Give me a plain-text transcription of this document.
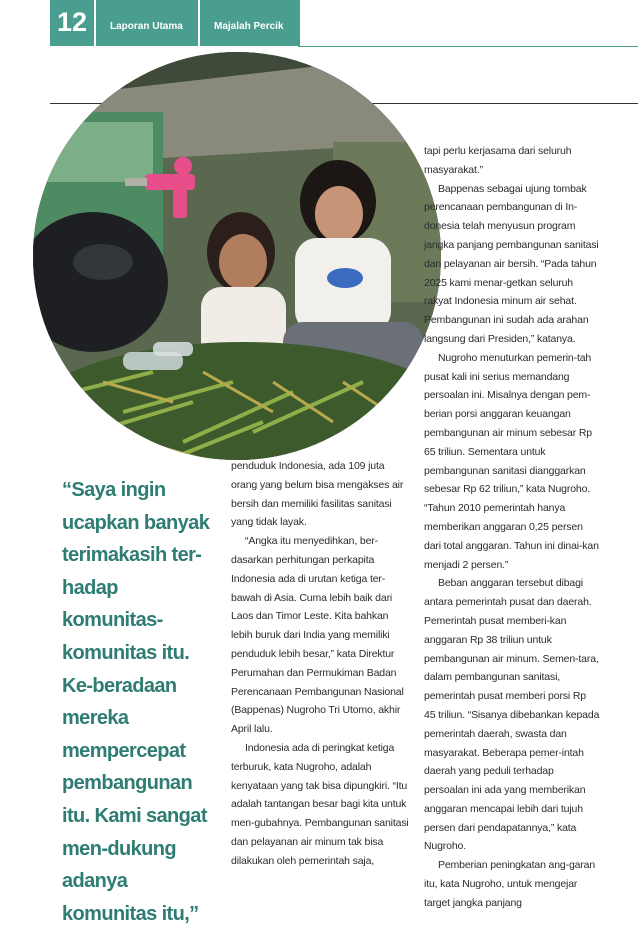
12	Laporan Utama	Majalah Percik
“Saya ingin ucapkan banyak terimakasih ter-hadap komunitas-komunitas itu. Ke-beradaan mereka mempercepat pembangunan itu. Kami sangat men-dukung adanya komunitas itu,”

penduduk Indonesia, ada 109 juta orang yang belum bisa mengakses air bersih dan memiliki fasilitas sanitasi yang tidak layak.

“Angka itu menyedihkan, ber-dasarkan perhitungan perkapita Indonesia ada di urutan ketiga ter-bawah di Asia. Cuma lebih baik dari Laos dan Timor Leste. Kita bahkan lebih buruk dari India yang memiliki penduduk lebih besar,” kata Direktur Perumahan dan Permukiman Badan Perencanaan Pembangunan Nasional (Bappenas) Nugroho Tri Utomo, akhir April lalu.

Indonesia ada di peringkat ketiga terburuk, kata Nugroho, adalah kenyataan yang tak bisa dipungkiri. “Itu adalah tantangan besar bagi kita untuk men-gubahnya. Pembangunan sanitasi dan pelayanan air minum tak bisa dilakukan oleh pemerintah saja,

tapi perlu kerjasama dari seluruh masyarakat.”

Bappenas sebagai ujung tombak perencanaan pembangunan di In-donesia telah menyusun program jangka panjang pembangunan sanitasi dan pelayanan air bersih. “Pada tahun 2025 kami menar-getkan seluruh rakyat Indonesia minum air sehat. Pembangunan ini sudah ada arahan langsung dari Presiden,” katanya.

Nugroho menuturkan pemerin-tah pusat kali ini serius memandang persoalan ini. Misalnya dengan pem-berian porsi anggaran keuangan pembangunan air minum sebesar Rp 65 triliun. Sementara untuk pembangunan sanitasi dianggarkan sebesar Rp 62 triliun,” kata Nugroho. “Tahun 2010 pemerintah hanya memberikan anggaran 0,25 persen dari total anggaran. Tahun ini dinai-kan menjadi 2 persen.”

Beban anggaran tersebut dibagi antara pemerintah pusat dan daerah. Pemerintah pusat memberi-kan anggaran Rp 38 triliun untuk pembangunan air minum. Semen-tara, dalam pembangunan sanitasi, pemerintah pusat memberi porsi Rp 45 triliun. “Sisanya dibebankan kepada pemerintah daerah, swasta dan masyarakat. Beberapa pemer-intah daerah yang peduli terhadap persoalan ini ada yang memberikan anggaran mencapai lebih dari tujuh persen dari pendapatannya,” kata Nugroho.

Pemberian peningkatan ang-garan itu, kata Nugroho, untuk mengejar target jangka panjang
